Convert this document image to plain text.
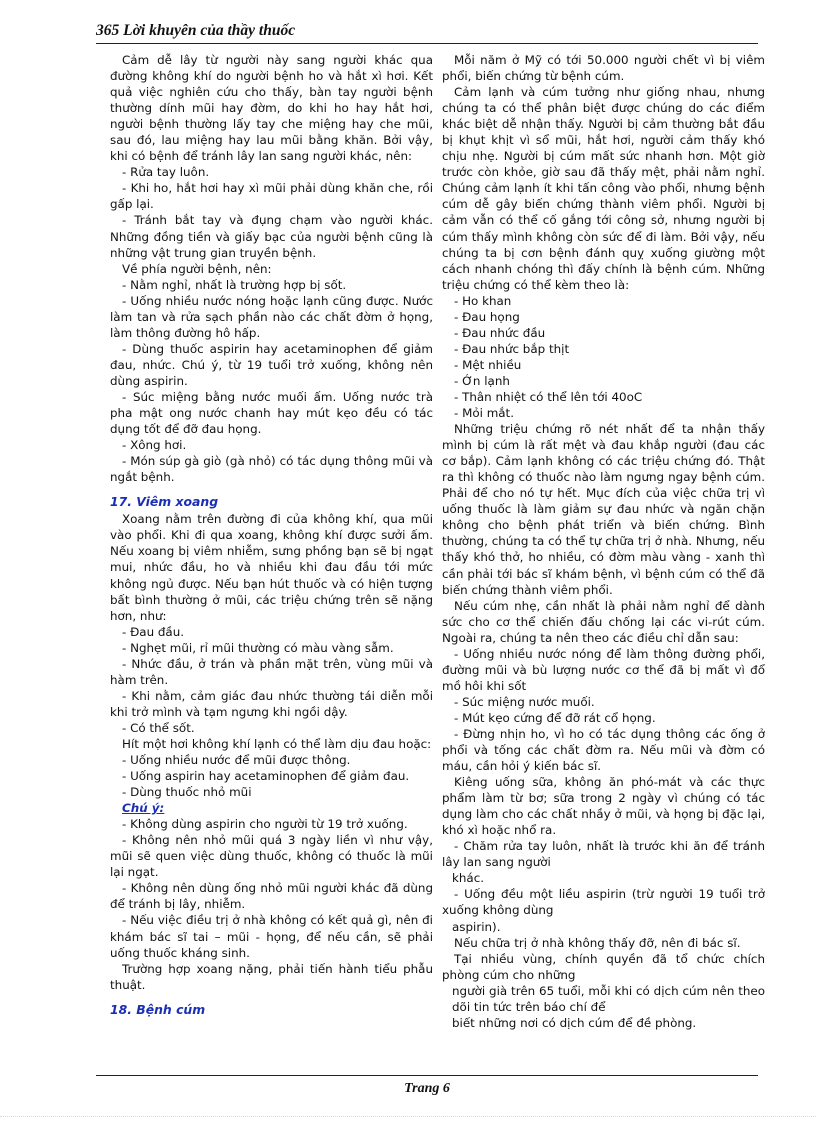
365 Lời khuyên của thầy thuốc

Cảm dễ lây từ người này sang người khác qua đường không khí do người bệnh ho và hắt xì hơi. Kết quả việc nghiên cứu cho thấy, bàn tay người bệnh thường dính mũi hay đờm, do khi ho hay hắt hơi, người bệnh thường lấy tay che miệng hay che mũi, sau đó, lau miệng hay lau mũi bằng khăn. Bởi vậy, khi có bệnh để tránh lây lan sang người khác, nên:

- Rửa tay luôn.

- Khi ho, hắt hơi hay xì mũi phải dùng khăn che, rồi gấp lại.

- Tránh bắt tay và đụng chạm vào người khác. Những đồng tiền và giấy bạc của người bệnh cũng là những vật trung gian truyền bệnh.

Về phía người bệnh, nên:

- Nằm nghỉ, nhất là trường hợp bị sốt.

- Uống nhiều nước nóng hoặc lạnh cũng được. Nước làm tan và rửa sạch phần nào các chất đờm ở họng, làm thông đường hô hấp.

- Dùng thuốc aspirin hay acetaminophen để giảm đau, nhức. Chú ý, từ 19 tuổi trở xuống, không nên dùng aspirin.

- Súc miệng bằng nước muối ấm. Uống nước trà pha mật ong nước chanh hay mút kẹo đều có tác dụng tốt để đỡ đau họng.

- Xông hơi.

- Món súp gà giò (gà nhỏ) có tác dụng thông mũi và ngắt bệnh.

17. Viêm xoang

Xoang nằm trên đường đi của không khí, qua mũi vào phổi. Khi đi qua xoang, không khí được sưởi ấm. Nếu xoang bị viêm nhiễm, sưng phồng bạn sẽ bị ngạt mui, nhức đầu, ho và nhiều khi đau đầu tới mức không ngủ được. Nếu bạn hút thuốc và có hiện tượng bất bình thường ở mũi, các triệu chứng trên sẽ nặng hơn, như:

- Đau đầu.

- Nghẹt mũi, rỉ mũi thường có màu vàng sẫm.

- Nhức đầu, ở trán và phần mặt trên, vùng mũi và hàm trên.

- Khi nằm, cảm giác đau nhức thường tái diễn mỗi khi trở mình và tạm ngưng khi ngồi dậy.

- Có thể sốt.

Hít một hơi không khí lạnh có thể làm dịu đau hoặc:

- Uống nhiều nước để mũi được thông.

- Uống aspirin hay acetaminophen để giảm đau.

- Dùng thuốc nhỏ mũi

Chú ý:

- Không dùng aspirin cho người từ 19 trở xuống.

- Không nên nhỏ mũi quá 3 ngày liền vì như vậy, mũi sẽ quen việc dùng thuốc, không có thuốc là mũi lại ngạt.

- Không nên dùng ống nhỏ mũi người khác đã dùng để tránh bị lây, nhiễm.

- Nếu việc điều trị ở nhà không có kết quả gì, nên đi khám bác sĩ tai – mũi - họng, để nếu cần, sẽ phải uống thuốc kháng sinh.

Trường hợp xoang nặng, phải tiến hành tiểu phẫu thuật.

18. Bệnh cúm

Mỗi năm ở Mỹ có tới 50.000 người chết vì bị viêm phổi, biến chứng từ bệnh cúm.

Cảm lạnh và cúm tưởng như giống nhau, nhưng chúng ta có thể phân biệt được chúng do các điểm khác biệt dễ nhận thấy. Người bị cảm thường bắt đầu bị khụt khịt vì sổ mũi, hắt hơi, người cảm thấy khó chịu nhẹ. Người bị cúm mất sức nhanh hơn. Một giờ trước còn khỏe, giờ sau đã thấy mệt, phải nằm nghỉ. Chúng cảm lạnh ít khi tấn công vào phổi, nhưng bệnh cúm dễ gây biến chứng thành viêm phổi. Người bị cảm vẫn có thể cố gắng tới công sở, nhưng người bị cúm thấy mình không còn sức để đi làm. Bởi vậy, nếu chúng ta bị cơn bệnh đánh quỵ xuống giường một cách nhanh chóng thì đấy chính là bệnh cúm. Những triệu chứng có thể kèm theo là:

- Ho khan

- Đau họng

- Đau nhức đầu

- Đau nhức bắp thịt

- Mệt nhiều

- Ớn lạnh

- Thân nhiệt có thể lên tới 40oC

- Mỏi mắt.

Những triệu chứng rõ nét nhất để ta nhận thấy mình bị cúm là rất mệt và đau khắp người (đau các cơ bắp). Cảm lạnh không có các triệu chứng đó. Thật ra thì không có thuốc nào làm ngưng ngay bệnh cúm. Phải để cho nó tự hết. Mục đích của việc chữa trị vì uống thuốc là làm giảm sự đau nhức và ngăn chặn không cho bệnh phát triển và biến chứng. Bình thường, chúng ta có thể tự chữa trị ở nhà. Nhưng, nếu thấy khó thở, ho nhiều, có đờm màu vàng - xanh thì cần phải tới bác sĩ khám bệnh, vì bệnh cúm có thể đã biến chứng thành viêm phổi.

Nếu cúm nhẹ, cần nhất là phải nằm nghỉ để dành sức cho cơ thể chiến đấu chống lại các vi-rút cúm. Ngoài ra, chúng ta nên theo các điều chỉ dẫn sau:

- Uống nhiều nước nóng để làm thông đường phổi, đường mũi và bù lượng nước cơ thể đã bị mất vì đổ mồ hôi khi sốt

- Súc miệng nước muối.

- Mút kẹo cứng để đỡ rát cổ họng.

- Đừng nhịn ho, vì ho có tác dụng thông các ống ở phổi và tống các chất đờm ra. Nếu mũi và đờm có máu, cần hỏi ý kiến bác sĩ.

Kiêng uống sữa, không ăn phó-mát và các thực phẩm làm từ bơ; sữa trong 2 ngày vì chúng có tác dụng làm cho các chất nhầy ở mũi, và họng bị đặc lại, khó xì hoặc nhổ ra.

- Chăm rửa tay luôn, nhất là trước khi ăn để tránh lây lan sang người

khác.

- Uống đều một liều aspirin (trừ người 19 tuổi trở xuống không dùng

aspirin).

Nếu chữa trị ở nhà không thấy đỡ, nên đi bác sĩ.

Tại nhiều vùng, chính quyền đã tổ chức chích phòng cúm cho những

người già trên 65 tuổi, mỗi khi có dịch cúm nên theo dõi tin tức trên báo chí để

biết những nơi có dịch cúm để đề phòng.

Trang 6
